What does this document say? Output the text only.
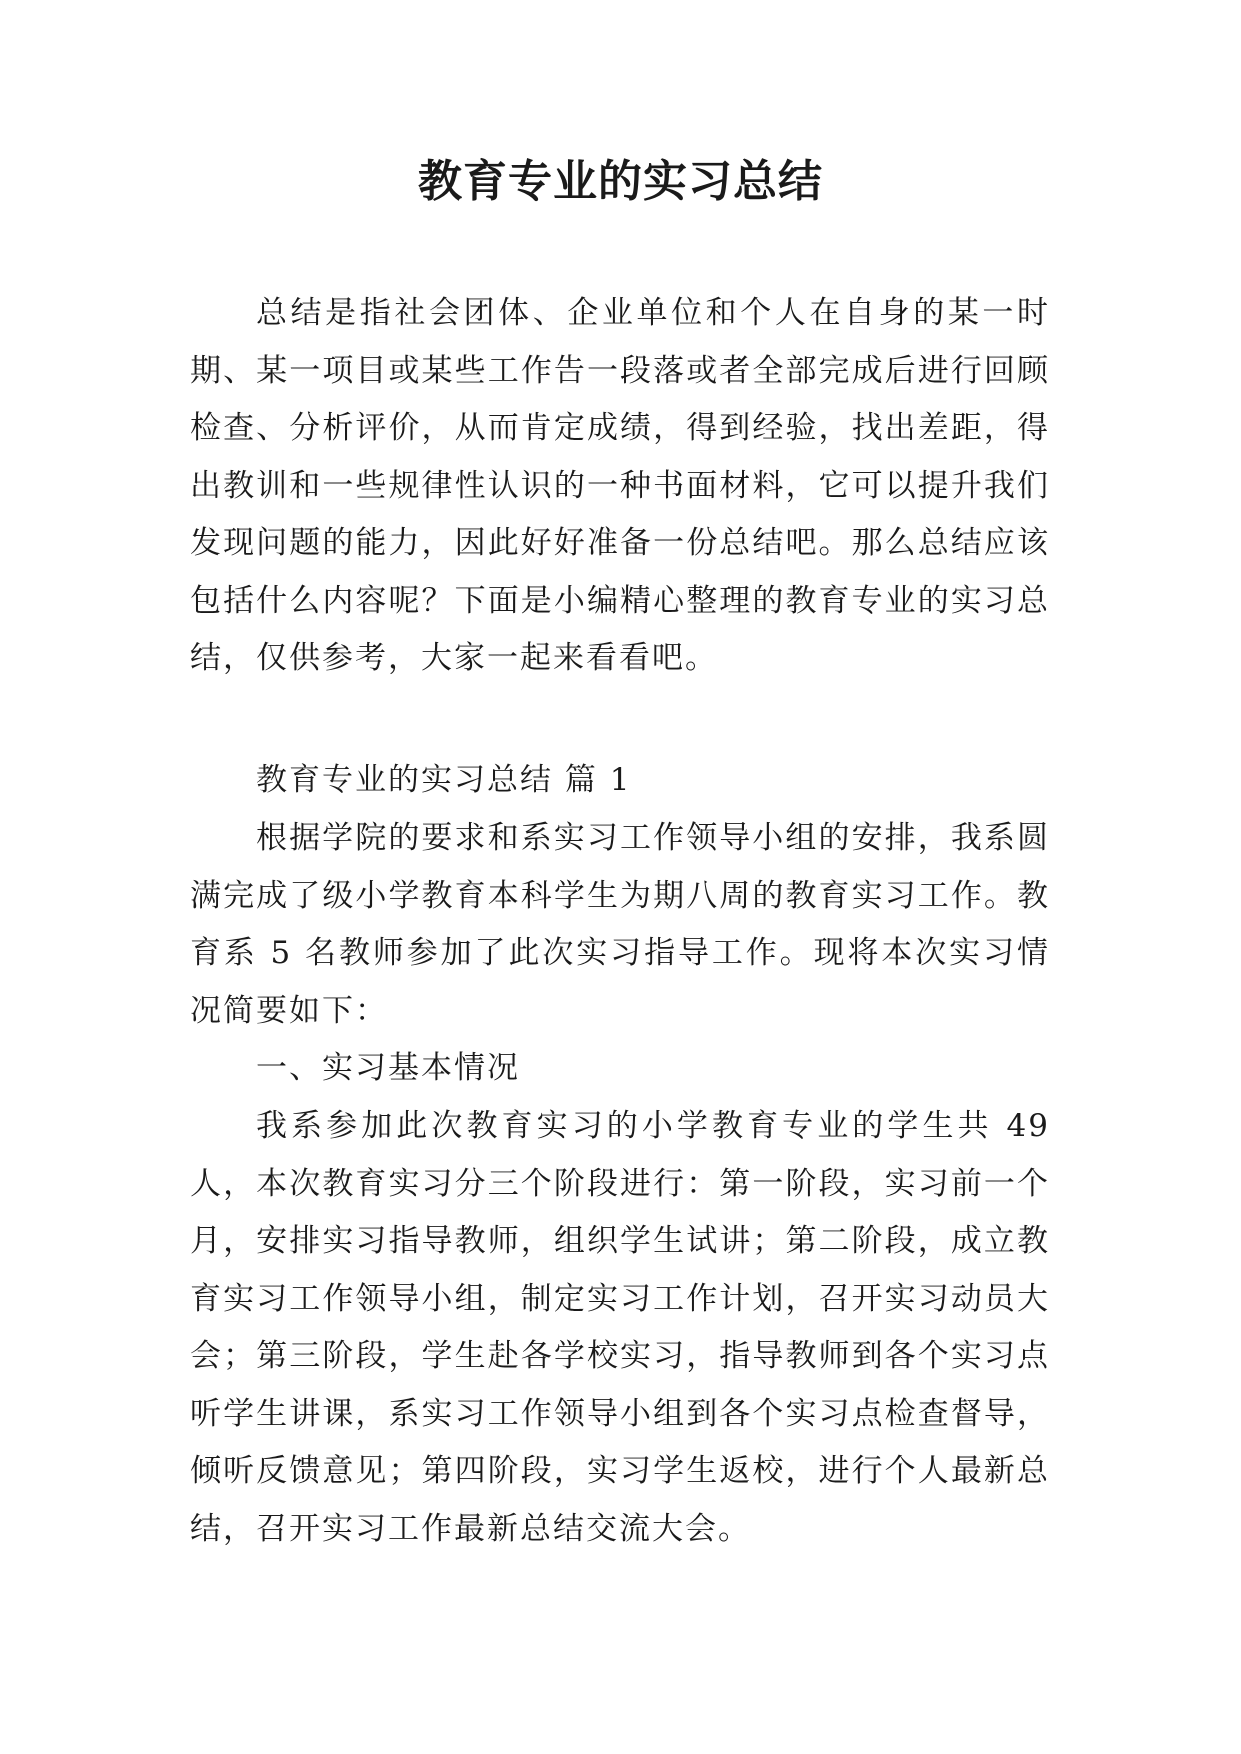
教育专业的实习总结

总结是指社会团体、企业单位和个人在自身的某一时期、某一项目或某些工作告一段落或者全部完成后进行回顾检查、分析评价，从而肯定成绩，得到经验，找出差距，得出教训和一些规律性认识的一种书面材料，它可以提升我们发现问题的能力，因此好好准备一份总结吧。那么总结应该包括什么内容呢？下面是小编精心整理的教育专业的实习总结，仅供参考，大家一起来看看吧。

教育专业的实习总结 篇 1

根据学院的要求和系实习工作领导小组的安排，我系圆满完成了级小学教育本科学生为期八周的教育实习工作。教育系 5 名教师参加了此次实习指导工作。现将本次实习情况简要如下：

一、实习基本情况

我系参加此次教育实习的小学教育专业的学生共 49 人，本次教育实习分三个阶段进行：第一阶段，实习前一个月，安排实习指导教师，组织学生试讲；第二阶段，成立教育实习工作领导小组，制定实习工作计划，召开实习动员大会；第三阶段，学生赴各学校实习，指导教师到各个实习点听学生讲课，系实习工作领导小组到各个实习点检查督导，倾听反馈意见；第四阶段，实习学生返校，进行个人最新总结，召开实习工作最新总结交流大会。
